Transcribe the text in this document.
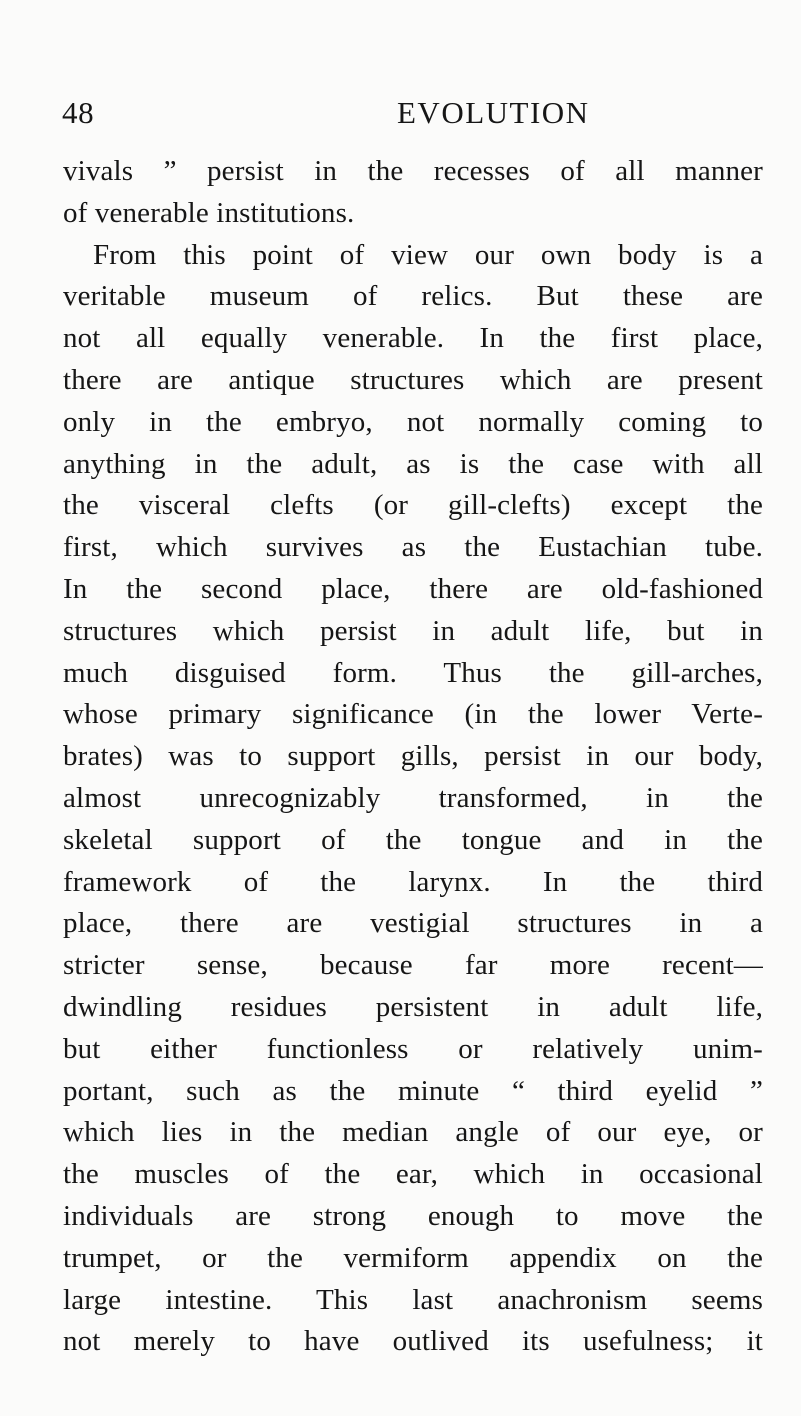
48	EVOLUTION
vivals ” persist in the recesses of all manner
of venerable institutions.
From this point of view our own body is a
veritable museum of relics. But these are
not all equally venerable. In the first place,
there are antique structures which are present
only in the embryo, not normally coming to
anything in the adult, as is the case with all
the visceral clefts (or gill-clefts) except the
first, which survives as the Eustachian tube.
In the second place, there are old-fashioned
structures which persist in adult life, but in
much disguised form. Thus the gill-arches,
whose primary significance (in the lower Verte-
brates) was to support gills, persist in our body,
almost unrecognizably transformed, in the
skeletal support of the tongue and in the
framework of the larynx. In the third
place, there are vestigial structures in a
stricter sense, because far more recent—
dwindling residues persistent in adult life,
but either functionless or relatively unim-
portant, such as the minute “ third eyelid ”
which lies in the median angle of our eye, or
the muscles of the ear, which in occasional
individuals are strong enough to move the
trumpet, or the vermiform appendix on the
large intestine. This last anachronism seems
not merely to have outlived its usefulness; it
